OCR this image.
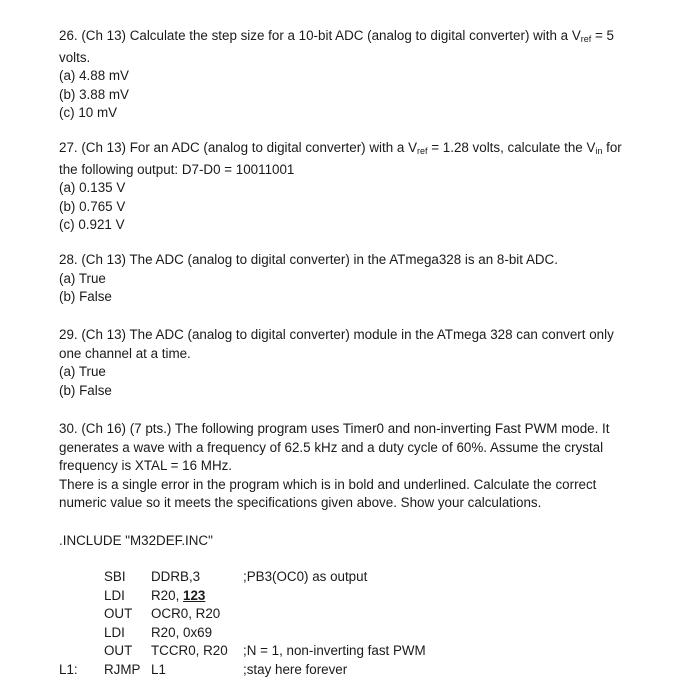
26. (Ch 13) Calculate the step size for a 10-bit ADC (analog to digital converter) with a $V_{ref} = 5$
volts.
(a) 4.88 mV
(b) 3.88 mV
(c) 10 mV
27. (Ch 13) For an ADC (analog to digital converter) with a $V_{ref} = 1.28$ volts, calculate the $V_{in}$ for
the following output: D7-D0 = 10011001
(a) 0.135 V
(b) 0.765 V
(c) 0.921 V
28. (Ch 13) The ADC (analog to digital converter) in the ATmega328 is an 8-bit ADC.
(a) True
(b) False
29. (Ch 13) The ADC (analog to digital converter) module in the ATmega 328 can convert only
one channel at a time.
(a) True
(b) False
30. (Ch 16) (7 pts.) The following program uses Timer0 and non-inverting Fast PWM mode. It
generates a wave with a frequency of 62.5 kHz and a duty cycle of 60%. Assume the crystal
frequency is XTAL = 16 MHz.
There is a single error in the program which is in bold and underlined. Calculate the correct
numeric value so it meets the specifications given above. Show your calculations.
.INCLUDE "M32DEF.INC"
SBI DDRB,3	;PB3(OC0) as output
LDI R20, 123
OUT OCR0, R20
LDI R20, 0x69
OUT TCCR0, R20 ;N = 1, non-inverting fast PWM
L1: RJMP L1	;stay here forever
